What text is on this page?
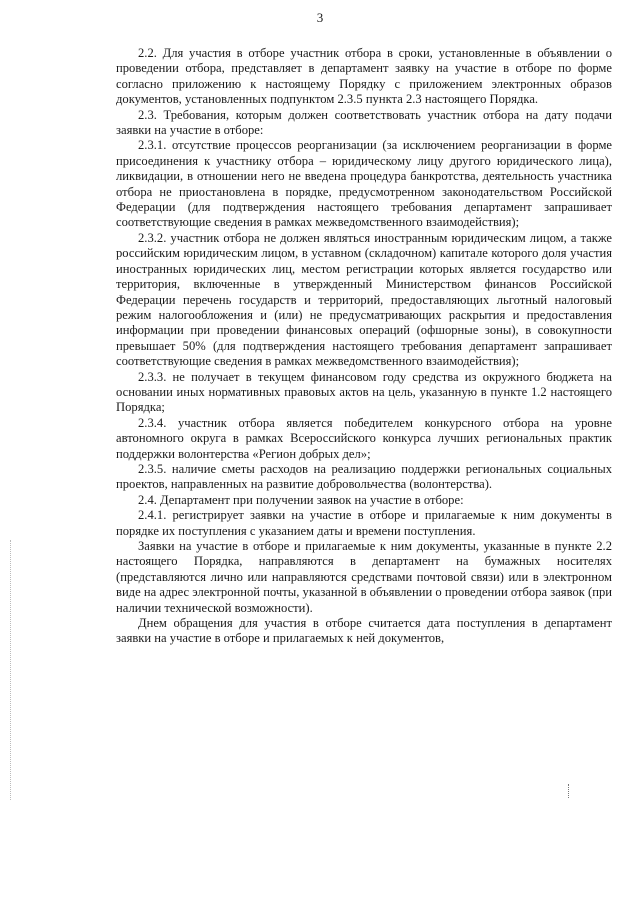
3

2.2. Для участия в отборе участник отбора в сроки, установленные в объявлении о проведении отбора, представляет в департамент заявку на участие в отборе по форме согласно приложению к настоящему Порядку с приложением электронных образов документов, установленных подпунктом 2.3.5 пункта 2.3 настоящего Порядка.

2.3. Требования, которым должен соответствовать участник отбора на дату подачи заявки на участие в отборе:

2.3.1. отсутствие процессов реорганизации (за исключением реорганизации в форме присоединения к участнику отбора – юридическому лицу другого юридического лица), ликвидации, в отношении него не введена процедура банкротства, деятельность участника отбора не приостановлена в порядке, предусмотренном законодательством Российской Федерации (для подтверждения настоящего требования департамент запрашивает соответствующие сведения в рамках межведомственного взаимодействия);

2.3.2. участник отбора не должен являться иностранным юридическим лицом, а также российским юридическим лицом, в уставном (складочном) капитале которого доля участия иностранных юридических лиц, местом регистрации которых является государство или территория, включенные в утвержденный Министерством финансов Российской Федерации перечень государств и территорий, предоставляющих льготный налоговый режим налогообложения и (или) не предусматривающих раскрытия и предоставления информации при проведении финансовых операций (офшорные зоны), в совокупности превышает 50% (для подтверждения настоящего требования департамент запрашивает соответствующие сведения в рамках межведомственного взаимодействия);

2.3.3. не получает в текущем финансовом году средства из окружного бюджета на основании иных нормативных правовых актов на цель, указанную в пункте 1.2 настоящего Порядка;

2.3.4. участник отбора является победителем конкурсного отбора на уровне автономного округа в рамках Всероссийского конкурса лучших региональных практик поддержки волонтерства «Регион добрых дел»;

2.3.5. наличие сметы расходов на реализацию поддержки региональных социальных проектов, направленных на развитие добровольчества (волонтерства).

2.4. Департамент при получении заявок на участие в отборе:

2.4.1. регистрирует заявки на участие в отборе и прилагаемые к ним документы в порядке их поступления с указанием даты и времени поступления.

Заявки на участие в отборе и прилагаемые к ним документы, указанные в пункте 2.2 настоящего Порядка, направляются в департамент на бумажных носителях (представляются лично или направляются средствами почтовой связи) или в электронном виде на адрес электронной почты, указанной в объявлении о проведении отбора заявок (при наличии технической возможности).

Днем обращения для участия в отборе считается дата поступления в департамент заявки на участие в отборе и прилагаемых к ней документов,
